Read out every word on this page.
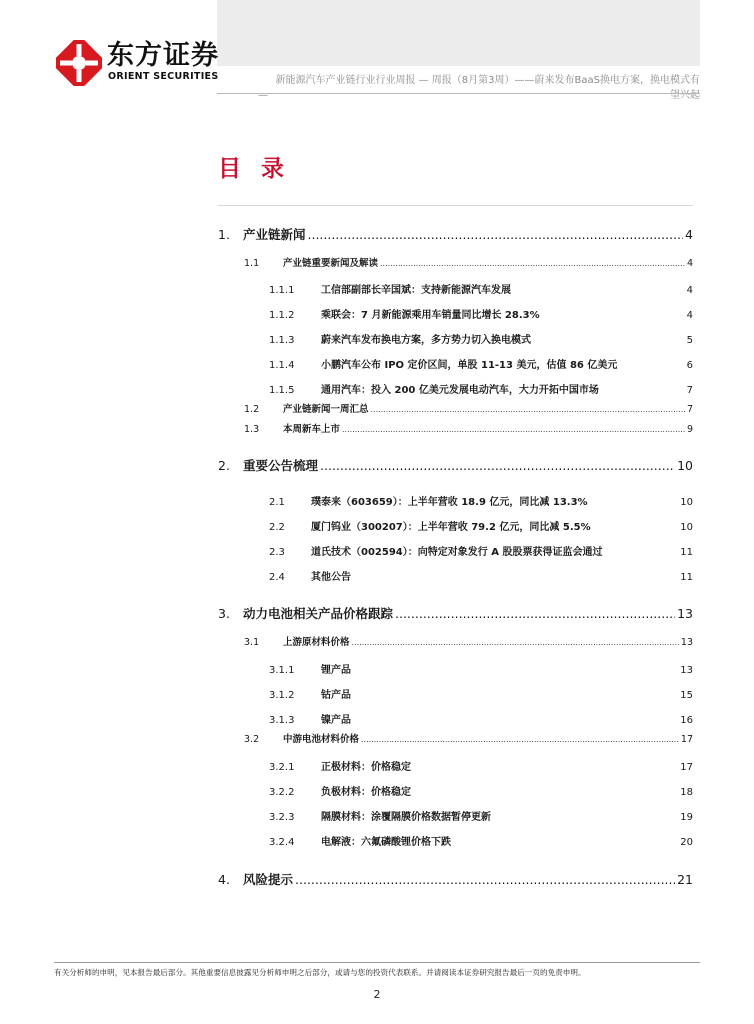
东方证券
ORIENT SECURITIES	新能源汽车产业链行业行业周报 — 周报（8月第3周）——蔚来发布BaaS换电方案，换电模式有
—	望兴起
目 录
1.	产业链新闻 .....	4
1.1	产业链重要新闻及解读 .....	4
1.1.1	工信部副部长辛国斌：支持新能源汽车发展	4
1.1.2	乘联会：7 月新能源乘用车销量同比增长 28.3%	4
1.1.3	蔚来汽车发布换电方案，多方势力切入换电模式	5
1.1.4	小鹏汽车公布 IPO 定价区间，单股 11-13 美元，估值 86 亿美元	6
1.1.5	通用汽车：投入 200 亿美元发展电动汽车，大力开拓中国市场	7
1.2	产业链新闻一周汇总 .....	7
1.3	本周新车上市 .....	9
2.	重要公告梳理 .....	10
2.1	璞泰来（603659）：上半年营收 18.9 亿元，同比减 13.3%	10
2.2	厦门钨业（300207）：上半年营收 79.2 亿元，同比减 5.5%	10
2.3	道氏技术（002594）：向特定对象发行 A 股股票获得证监会通过	11
2.4	其他公告	11
3.	动力电池相关产品价格跟踪 .....	13
3.1	上游原材料价格 .....	13
3.1.1	锂产品	13
3.1.2	钴产品	15
3.1.3	镍产品	16
3.2	中游电池材料价格 .....	17
3.2.1	正极材料：价格稳定	17
3.2.2	负极材料：价格稳定	18
3.2.3	隔膜材料：涂覆隔膜价格数据暂停更新	19
3.2.4	电解液：六氟磷酸锂价格下跌	20
4.	风险提示 .....	21
有关分析师的申明，见本报告最后部分。其他重要信息披露见分析师申明之后部分，或请与您的投资代表联系。并请阅读本证券研究报告最后一页的免责申明。
2
